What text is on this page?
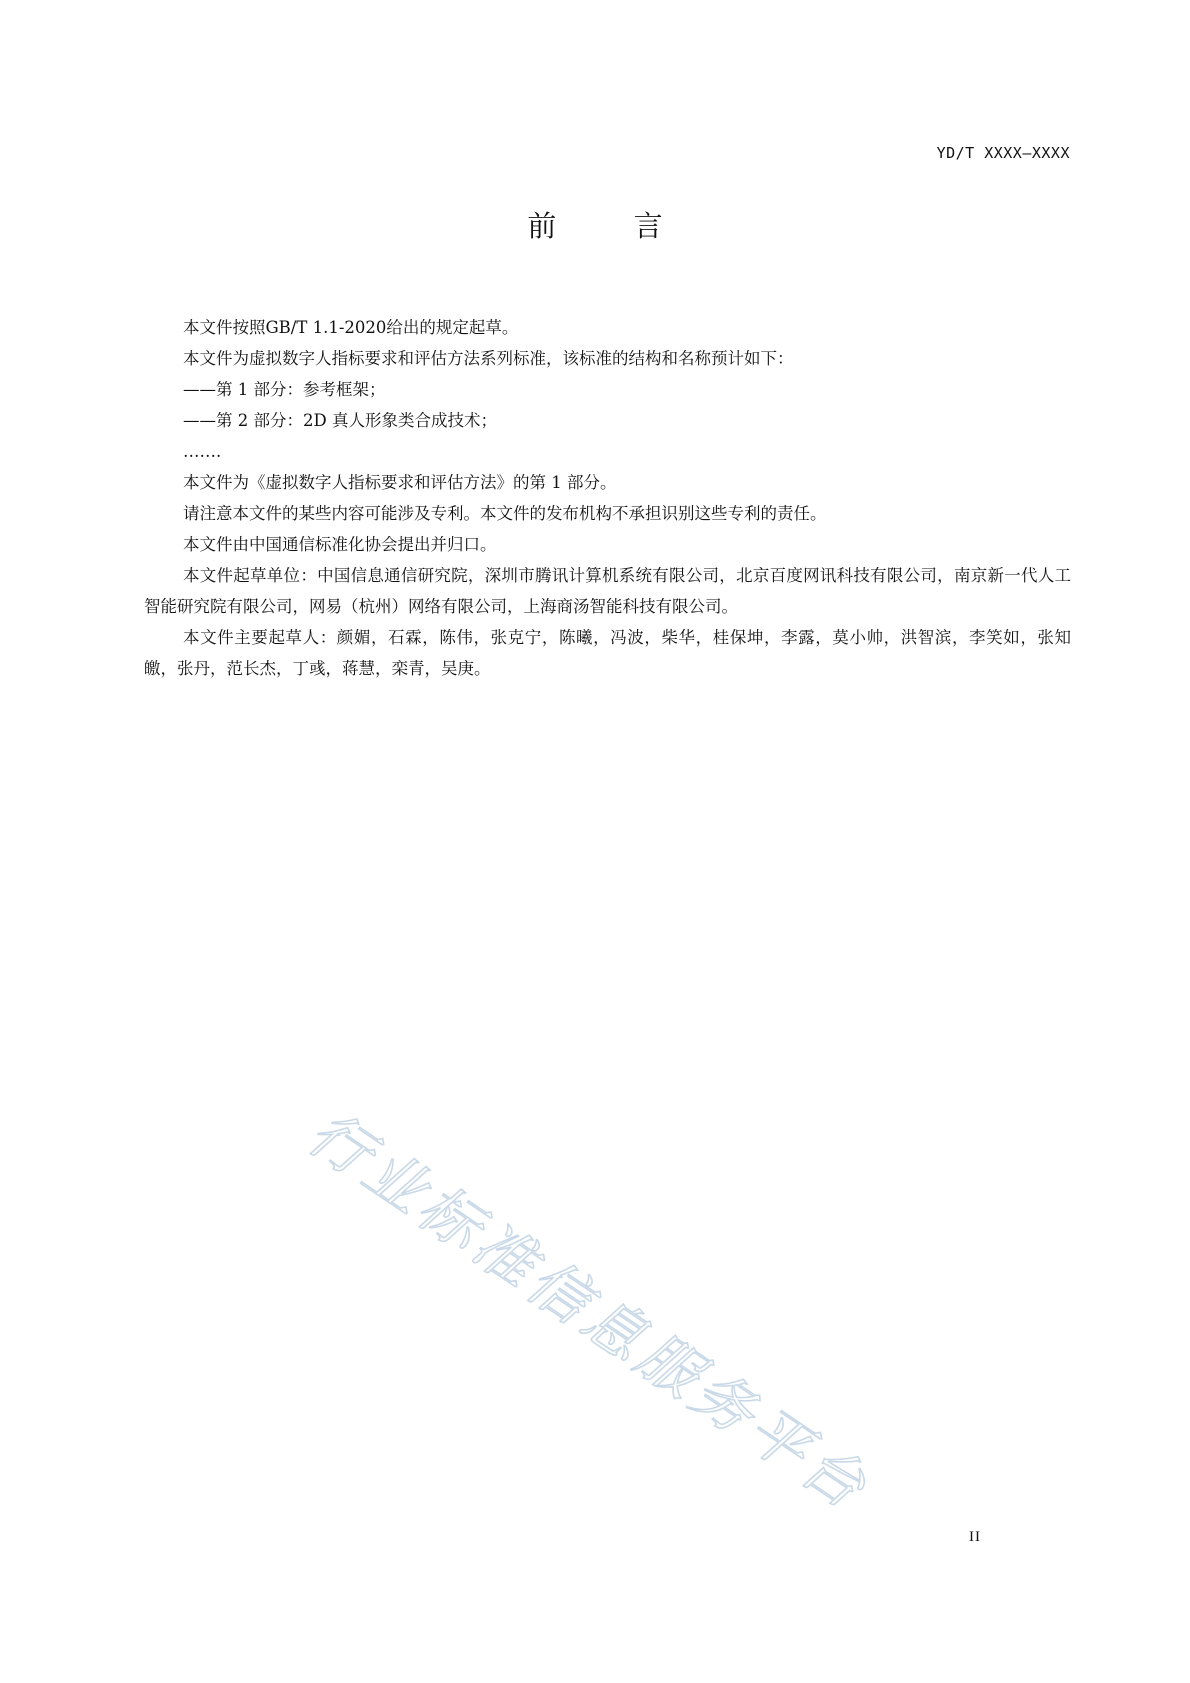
YD/T XXXX—XXXX
前 言

本文件按照GB/T 1.1-2020给出的规定起草。

本文件为虚拟数字人指标要求和评估方法系列标准，该标准的结构和名称预计如下：

——第 1 部分：参考框架；

——第 2 部分：2D 真人形象类合成技术；

…….

本文件为《虚拟数字人指标要求和评估方法》的第 1 部分。

请注意本文件的某些内容可能涉及专利。本文件的发布机构不承担识别这些专利的责任。

本文件由中国通信标准化协会提出并归口。

本文件起草单位：中国信息通信研究院，深圳市腾讯计算机系统有限公司，北京百度网讯科技有限公司，南京新一代人工智能研究院有限公司，网易（杭州）网络有限公司，上海商汤智能科技有限公司。

本文件主要起草人：颜媚，石霖，陈伟，张克宁，陈曦，冯波，柴华，桂保坤，李露，莫小帅，洪智滨，李笑如，张知皦，张丹，范长杰，丁彧，蒋慧，栾青，吴庚。

行业标准信息服务平台
II
